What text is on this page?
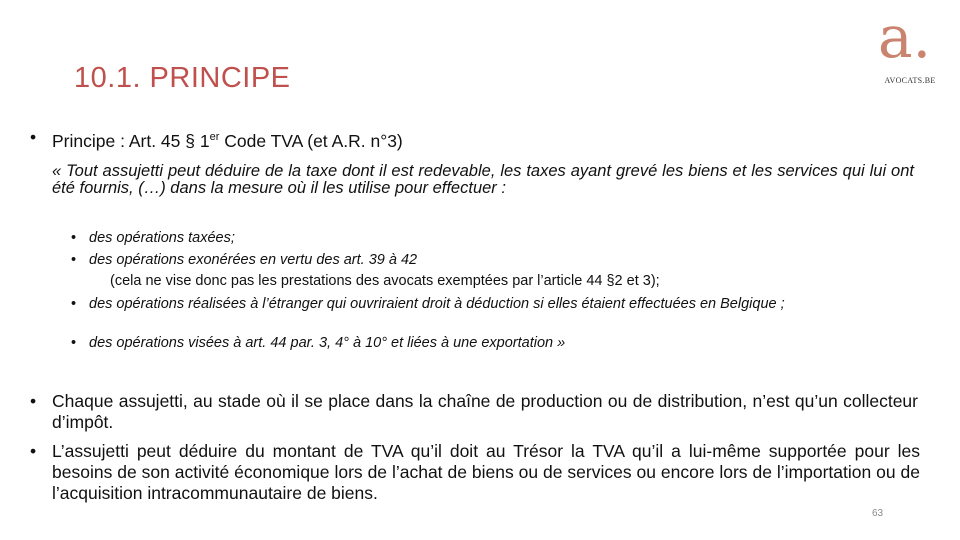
10.1. PRINCIPE
a.
AVOCATS.BE
• Principe : Art. 45 § 1er Code TVA (et A.R. n°3)
« Tout assujetti peut déduire de la taxe dont il est redevable, les taxes ayant grevé les biens et les services qui lui ont été fournis, (…) dans la mesure où il les utilise pour effectuer :
• des opérations taxées;
• des opérations exonérées en vertu des art. 39 à 42
(cela ne vise donc pas les prestations des avocats exemptées par l’article 44 §2 et 3);
• des opérations réalisées à l’étranger qui ouvriraient droit à déduction si elles étaient effectuées en Belgique ;
• des opérations visées à art. 44 par. 3, 4° à 10° et liées à une exportation »
• Chaque assujetti, au stade où il se place dans la chaîne de production ou de distribution, n’est qu’un collecteur d’impôt.
• L’assujetti peut déduire du montant de TVA qu’il doit au Trésor la TVA qu’il a lui-même supportée pour les besoins de son activité économique lors de l’achat de biens ou de services ou encore lors de l’importation ou de l’acquisition intracommunautaire de biens.
63
